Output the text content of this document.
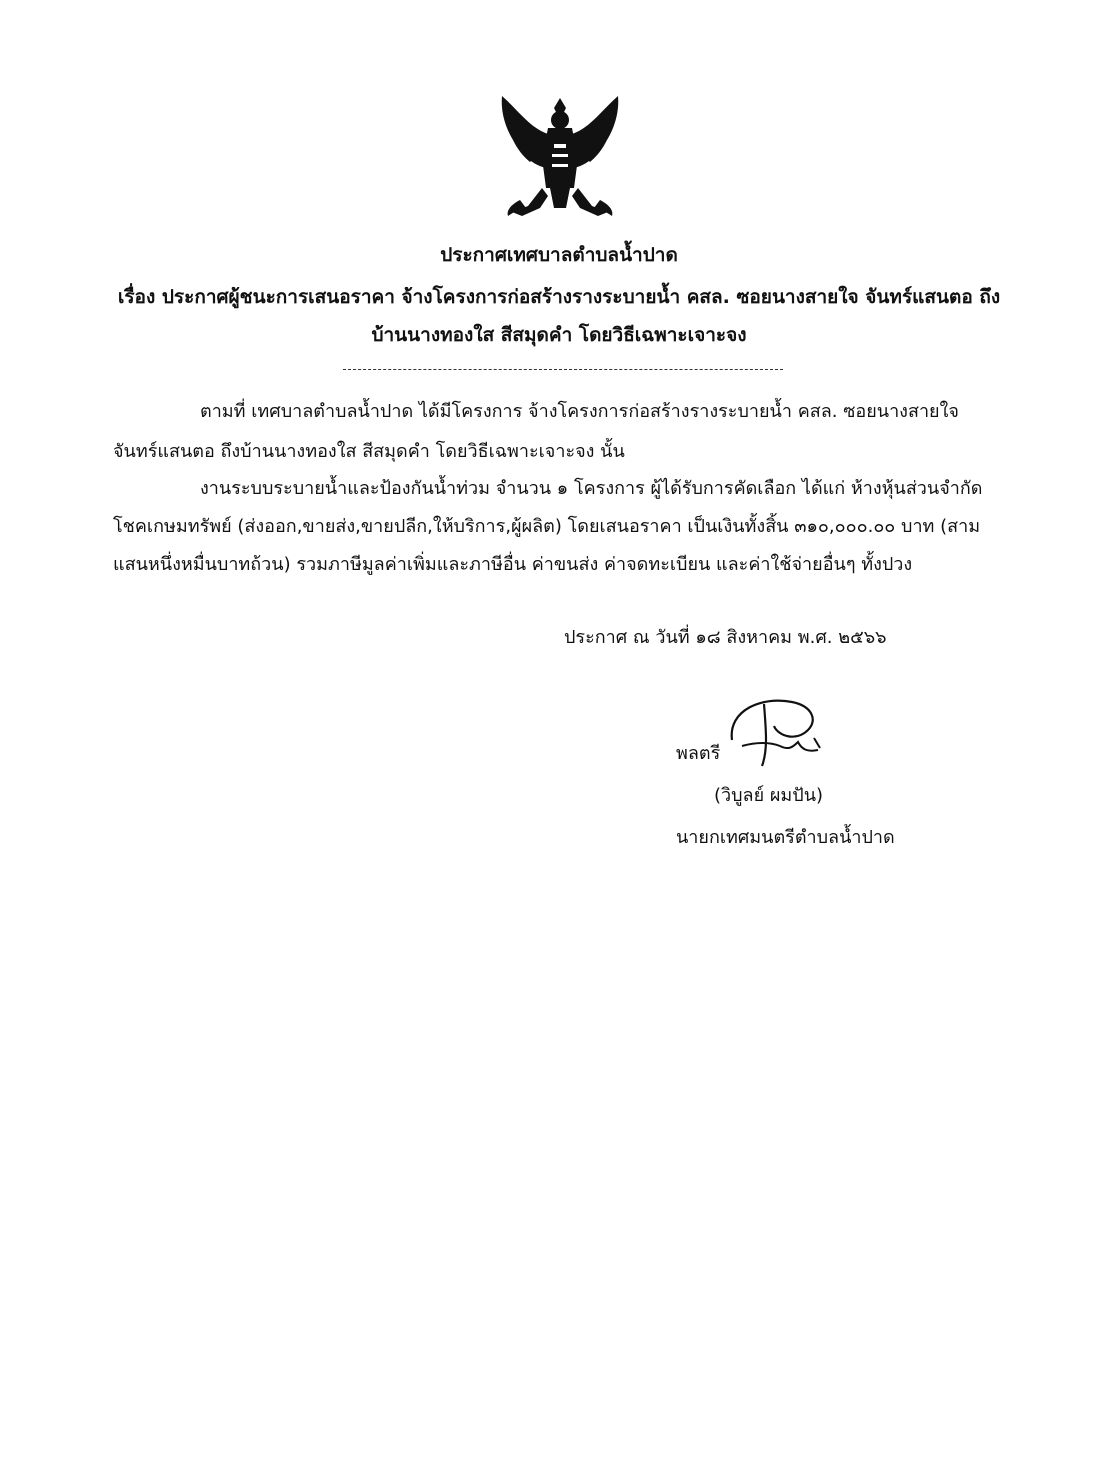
ประกาศเทศบาลตำบลน้ำปาด
เรื่อง ประกาศผู้ชนะการเสนอราคา จ้างโครงการก่อสร้างรางระบายน้ำ คสล. ซอยนางสายใจ จันทร์แสนตอ ถึง
บ้านนางทองใส สีสมุดคำ โดยวิธีเฉพาะเจาะจง
ตามที่ เทศบาลตำบลน้ำปาด ได้มีโครงการ จ้างโครงการก่อสร้างรางระบายน้ำ คสล. ซอยนางสายใจ
จันทร์แสนตอ ถึงบ้านนางทองใส สีสมุดคำ โดยวิธีเฉพาะเจาะจง นั้น
งานระบบระบายน้ำและป้องกันน้ำท่วม จำนวน ๑ โครงการ ผู้ได้รับการคัดเลือก ได้แก่ ห้างหุ้นส่วนจำกัด
โชคเกษมทรัพย์ (ส่งออก,ขายส่ง,ขายปลีก,ให้บริการ,ผู้ผลิต) โดยเสนอราคา เป็นเงินทั้งสิ้น ๓๑๐,๐๐๐.๐๐ บาท (สาม
แสนหนึ่งหมื่นบาทถ้วน) รวมภาษีมูลค่าเพิ่มและภาษีอื่น ค่าขนส่ง ค่าจดทะเบียน และค่าใช้จ่ายอื่นๆ ทั้งปวง
ประกาศ ณ วันที่ ๑๘ สิงหาคม พ.ศ. ๒๕๖๖
พลตรี
(วิบูลย์ ผมปัน)
นายกเทศมนตรีตำบลน้ำปาด
